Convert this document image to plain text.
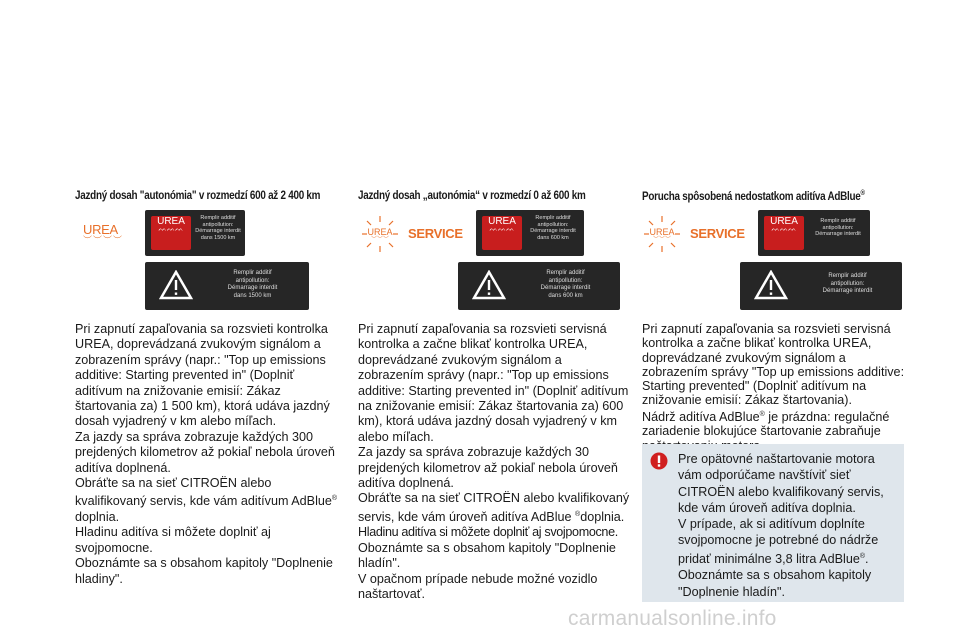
Jazdný dosah "autonómia" v rozmedzí 600 až 2 400 km
UREA
︶︶︶︶
UREA
ᨓᨓᨓ
Remplir additif
antipollution:
Démarrage interdit
dans 1500 km
Remplir additif
antipollution:
Démarrage interdit
dans 1500 km

Pri zapnutí zapaľovania sa rozsvieti kontrolka UREA, doprevádzaná zvukovým signálom a zobrazením správy (napr.: "Top up emissions additive: Starting prevented in" (Doplniť aditívum na znižovanie emisií: Zákaz štartovania za) 1 500 km), ktorá udáva jazdný dosah vyjadrený v km alebo míľach.

Za jazdy sa správa zobrazuje každých 300 prejdených kilometrov až pokiaľ nebola úroveň aditíva doplnená.

Obráťte sa na sieť CITROËN alebo kvalifikovaný servis, kde vám aditívum AdBlue®
doplnia.

Hladinu aditíva si môžete doplniť aj svojpomocne.

Oboznámte sa s obsahom kapitoly "Doplnenie hladiny".

Jazdný dosah „autonómia“ v rozmedzí 0 až 600 km
UREA
︶︶︶ SERVICE
UREA
ᨓᨓᨓ
Remplir additif
antipollution:
Démarrage interdit
dans 600 km
Remplir additif
antipollution:
Démarrage interdit
dans 600 km

Pri zapnutí zapaľovania sa rozsvieti servisná kontrolka a začne blikať kontrolka UREA, doprevádzané zvukovým signálom a zobrazením správy (napr.: "Top up emissions additive: Starting prevented in" (Doplniť aditívum na znižovanie emisií: Zákaz štartovania za) 600 km), ktorá udáva jazdný dosah vyjadrený v km alebo míľach.

Za jazdy sa správa zobrazuje každých 30 prejdených kilometrov až pokiaľ nebola úroveň aditíva doplnená.

Obráťte sa na sieť CITROËN alebo kvalifikovaný servis, kde vám úroveň aditíva AdBlue ®doplnia.

Hladinu aditíva si môžete doplniť aj svojpomocne.

Oboznámte sa s obsahom kapitoly "Doplnenie hladín".

V opačnom prípade nebude možné vozidlo naštartovať.

Porucha spôsobená nedostatkom aditíva AdBlue®
UREA
︶︶︶ SERVICE
UREA
ᨓᨓᨓ
Remplir additif
antipollution:
Démarrage interdit
Remplir additif
antipollution:
Démarrage interdit

Pri zapnutí zapaľovania sa rozsvieti servisná kontrolka a začne blikať kontrolka UREA, doprevádzané zvukovým signálom a zobrazením správy "Top up emissions additive: Starting prevented" (Doplniť aditívum na znižovanie emisií: Zákaz štartovania).

Nádrž aditíva AdBlue® je prázdna: regulačné zariadenie blokujúce štartovanie zabraňuje

Pre opätovné naštartovanie motora vám odporúčame navštíviť sieť CITROËN alebo kvalifikovaný servis, kde vám úroveň aditíva doplnia.
V prípade, ak si aditívum doplníte svojpomocne je potrebné do nádrže pridať minimálne 3,8 litra AdBlue®.
Oboznámte sa s obsahom kapitoly "Doplnenie hladín".
carmanualsonline.info
